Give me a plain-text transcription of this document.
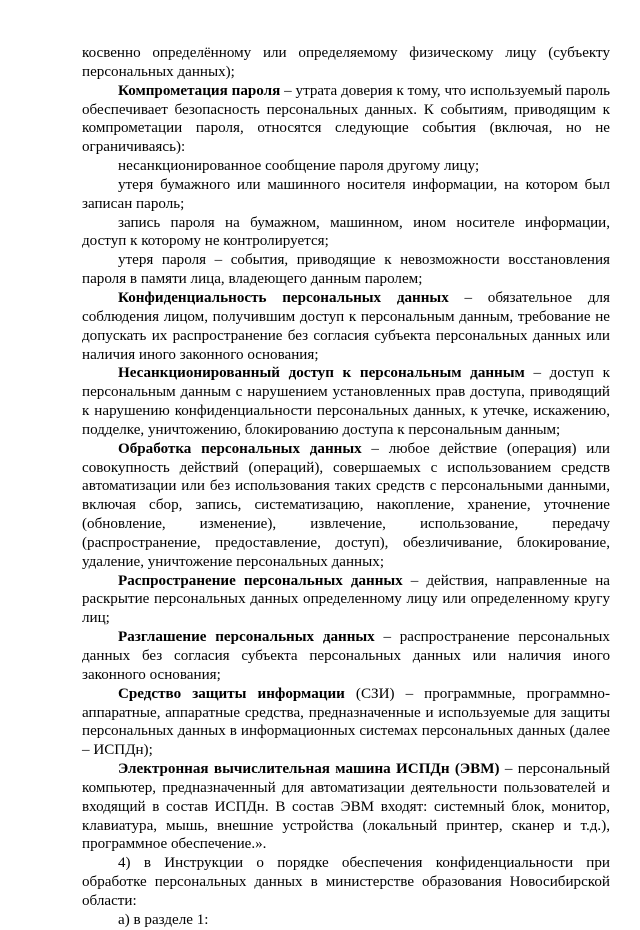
косвенно определённому или определяемому физическому лицу (субъекту персональных данных);

Компрометация пароля – утрата доверия к тому, что используемый пароль обеспечивает безопасность персональных данных. К событиям, приводящим к компрометации пароля, относятся следующие события (включая, но не ограничиваясь):

несанкционированное сообщение пароля другому лицу;

утеря бумажного или машинного носителя информации, на котором был записан пароль;

запись пароля на бумажном, машинном, ином носителе информации, доступ к которому не контролируется;

утеря пароля – события, приводящие к невозможности восстановления пароля в памяти лица, владеющего данным паролем;

Конфиденциальность персональных данных – обязательное для соблюдения лицом, получившим доступ к персональным данным, требование не допускать их распространение без согласия субъекта персональных данных или наличия иного законного основания;

Несанкционированный доступ к персональным данным – доступ к персональным данным с нарушением установленных прав доступа, приводящий к нарушению конфиденциальности персональных данных, к утечке, искажению, подделке, уничтожению, блокированию доступа к персональным данным;

Обработка персональных данных – любое действие (операция) или совокупность действий (операций), совершаемых с использованием средств автоматизации или без использования таких средств с персональными данными, включая сбор, запись, систематизацию, накопление, хранение, уточнение (обновление, изменение), извлечение, использование, передачу (распространение, предоставление, доступ), обезличивание, блокирование, удаление, уничтожение персональных данных;

Распространение персональных данных – действия, направленные на раскрытие персональных данных определенному лицу или определенному кругу лиц;

Разглашение персональных данных – распространение персональных данных без согласия субъекта персональных данных или наличия иного законного основания;

Средство защиты информации (СЗИ) – программные, программно-аппаратные, аппаратные средства, предназначенные и используемые для защиты персональных данных в информационных системах персональных данных (далее – ИСПДн);

Электронная вычислительная машина ИСПДн (ЭВМ) – персональный компьютер, предназначенный для автоматизации деятельности пользователей и входящий в состав ИСПДн. В состав ЭВМ входят: системный блок, монитор, клавиатура, мышь, внешние устройства (локальный принтер, сканер и т.д.), программное обеспечение.».

4) в Инструкции о порядке обеспечения конфиденциальности при обработке персональных данных в министерстве образования Новосибирской области:

а) в разделе 1:
